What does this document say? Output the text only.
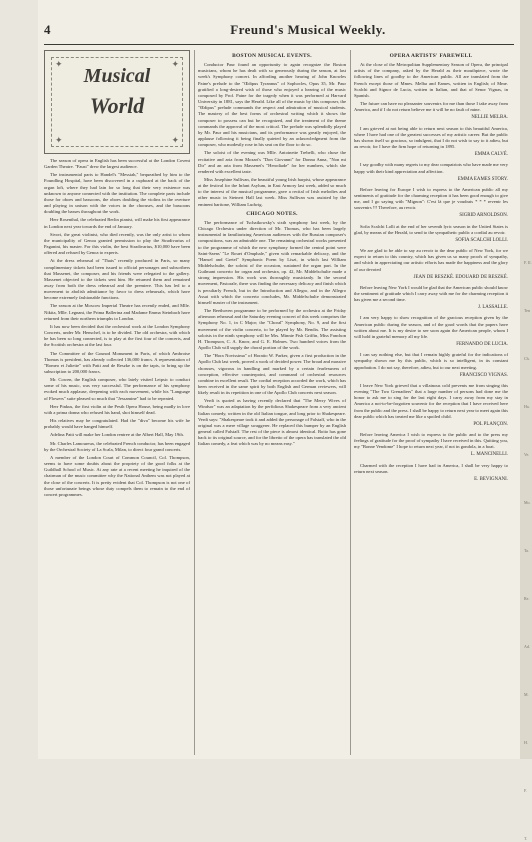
4	Freund's Musical Weekly.
✦	✦
✦	✦
Musical
World

The season of opera in English has been successful at the London Covent Garden Theatre. "Faust" drew the largest audience.

The instrumental parts to Handel's "Messiah," bequeathed by him to the Foundling Hospital, have been discovered in a cupboard at the back of the organ loft, where they had lain for so long that their very existence was unknown to anyone connected with the institution. The complete parts include those for oboes and bassoons, the oboes doubling the violins in the overture and playing in unison with the voices in the choruses, and the bassoons doubling the basses throughout the work.

Herr Rosenthal, the celebrated Berlin pianist, will make his first appearance in London next year towards the end of January.

Sivori, the great violinist, who died recently, was the only artist to whom the municipality of Genoa granted permission to play the Stradivarius of Paganini, his master. For this violin, the best Stradivarius, $10,000 have been offered and refused by Genoa to experts.

At the dress rehearsal of "Thais" recently produced in Paris, so many complimentary tickets had been issued to official personages and subscribers that Massenet, the composer, and his friends were relegated to the gallery. Massenet objected to the tickets sent him. He returned them and remained away from both the dress rehearsal and the premiere. This has led to a movement to abolish admittance by favor to dress rehearsals, which have become extremely fashionable functions.

The season at the Moscow Imperial Theatre has recently ended, and Mlle. Nikita, Mlle. Legnani, the Prima Ballerina and Madame Emma Steinbach have returned from their northern triumphs to London.

It has now been decided that the orchestral work at the London Symphony Concerts, under Mr. Henschel, is to be divided. The old orchestra, with which he has been so long connected, is to play at the first four of the concerts, and the Scottish orchestra at the last four.

The Committee of the Gounod Monument in Paris, of which Ambroise Thomas is president, has already collected 136,000 francs. A representation of "Romeo et Juliette" with Patti and de Reszke is on the tapis, to bring up the subscription to 200,000 francs.

Mr. Cowen, the English composer, who lately visited Leipsic to conduct some of his music, was very successful. The performance of his symphony evoked much applause, deepening with each movement, while his "Language of Flowers" suite pleased so much that "Jessamine" had to be repeated.

Herr Pinkus, the first violin at the Pesth Opera House, being madly in love with a prima donna who refused his hand, shot himself dead.

His relatives may be congratulated. Had the "diva" become his wife he probably would have hanged himself.

Adelina Patti will make her London rentree at the Albert Hall, May 19th.

Mr. Charles Lamoureux, the celebrated French conductor, has been engaged by the Orchestral Society of La Scala, Milan, to direct four grand concerts.

A member of the London Court of Common Council, Col. Thompson, seems to have some doubts about the propriety of the good folks at the Guildhall School of Music. At any rate at a recent meeting he inquired of the chairman of the music committee why the National Anthem was not played at the close of the concerts. It is pretty evident that Col. Thompson is not one of those unfortunate beings whose duty compels them to remain to the end of concert programmes.

BOSTON MUSICAL EVENTS.

Conductor Paur found an opportunity to again recognize the Boston musicians, whom he has dealt with so generously during the season, at last week's Symphony concert. In affording another hearing of John Knowles Paine's prelude to the "Œdipus Tyrannus" of Sophocles, Opus 35, Mr. Paur gratified a long-desired wish of those who enjoyed a hearing of the music composed by Prof. Paine for the tragedy when it was performed at Harvard University in 1881, says the Herald. Like all of the music by this composer, the "Œdipus" prelude commands the respect and admiration of musical students. The mastery of the best forms of orchestral writing which it shows the composer to possess can but be recognized, and the treatment of the theme commands the approval of the most critical. The prelude was splendidly played by Mr. Paur and his musicians, and its performance was greatly enjoyed, the applause following it being finally quieted by an acknowledgment from the composer, who modestly rose in his seat on the floor to do so.

The soloist of the evening was Mlle. Antoinette Trebelli, who chose the recitative and aria from Mozart's "Don Giovanni" for Donna Anna, "Non mi Dir" and an aria from Massenet's "Herodiade" for her numbers, which she rendered with excellent taste.

Miss Josephine Sullivan, the beautiful young Irish harpist, whose appearance at the festival for the Infant Asylum, in East Armory last week, added so much to the interest of the musical programme, gave a recital of Irish melodies and other music in Steinert Hall last week. Miss Sullivan was assisted by the eminent baritone, William Ludwig.

CHICAGO NOTES.

The performance of Tschaikowsky's sixth symphony last week, by the Chicago Orchestra under direction of Mr. Thomas, who has been largely instrumental in familiarizing American audiences with the Russian composer's compositions, was an admirable one. The remaining orchestral works presented to the programme of which the new symphony formed the central point were Saint-Saens' "Le Rouet d'Omphale," given with remarkable delicacy, and the "Hansel and Gretel" Symphonic Poem by Liszt, in which last William Middelschulte, the soloist of the occasion, sustained the organ part. In the Guilmant concerto for organ and orchestra, op. 42, Mr. Middelschulte made a strong impression. His work was thoroughly musicianly. In the second movement, Pastorale, there was finding the necessary delicacy and finish which is peculiarly French, but in the Introduction and Allegro, and in the Allegro Assai with which the concerto concludes, Mr. Middelschulte demonstrated himself master of the instrument.

The Beethoven programme to be performed by the orchestra at the Friday afternoon rehearsal and the Saturday evening concert of this week comprises the Symphony No. 1, in C Major; the "Choral" Symphony, No. 9, and the first movement of the violin concerto, to be played by Mr. Bendix. The assisting soloists in the ninth symphony will be Mrs. Minnie Fish Griffin, Miss Fanchon H. Thompson, C. A. Knorr, and G. E. Holmes. Two hundred voices from the Apollo Club will supply the choral portion of the work.

The "Hora Novissima" of Horatio W. Parker, given a first production in the Apollo Club last week, proved a work of decided power. The broad and massive choruses, vigorous in handling and marked by a certain fearlessness of conception, effective counterpoint, and command of orchestral resources combine in excellent result. The cordial reception accorded the work, which has been received in the same spirit by both English and German reviewers, will likely result in its repetition in one of the Apollo Club concerts next season.

Verdi is quoted as having recently declared that "The Merry Wives of Windsor" was an adaptation by the perfidious Shakespeare from a very ancient Italian comedy, written in the old Italian tongue, and long prior to Shakespeare. Verdi says: "Shakespeare took it and added the personage of Falstaff, who in the original was a mere village swaggerer. He replaced this bumper by an English general called Falstaff. The rest of the piece is almost identical. Boito has gone back to its original source, and for the libretto of the opera has translated the old Italian comedy, a feat which was by no means easy."

OPERA ARTISTS' FAREWELL

At the close of the Metropolitan Supplementary Season of Opera, the principal artists of the company, asked by the Herald as their mouthpiece, wrote the following lines of goodby to the American public. All are translated from the French except those of Mmes. Melba and Eames, written in English; of Mme. Scalchi and Signor de Lucia, written in Italian, and that of Senor Vignas, in Spanish.

The future can have no pleasanter souvenirs for me than those I take away from America, and if I do not return believe me it will be no fault of mine.

NELLIE MELBA.

I am grieved at not being able to return next season to this beautiful America, where I have had one of the greatest successes of my artistic career. But the public has shown itself so gracious, so indulgent, that I do not wish to say to it adieu, but au revoir, for I have the firm hope of returning in 1895.

EMMA CALVÉ.

I say goodby with many regrets to my dear compatriots who have made me very happy with their kind appreciation and affection.

EMMA EAMES STORY.

Before leaving for Europe I wish to express to the American public all my sentiments of gratitude for the charming reception it has been good enough to give me, and I go saying with "Mignon": C'est là que je voudrais * * * revenir les souvenirs !!! Therefore, au revoir.

SIGRID ARNOLDSON.

Sofia Scalchi Lolli at the end of her seventh lyric season in the United States is glad, by means of the Herald, to send to the sympathetic public a cordial au revoir.

SOFIA SCALCHI LOLLI.

We are glad to be able to say au revoir to the dear public of New York, for we expect to return to this country, which has given us so many proofs of sympathy, and which in appreciating our artistic efforts has made the happiness and the glory of our devoted

JEAN DE RESZKÉ. EDOUARD DE RESZKÉ.

Before leaving New York I would be glad that the American public should know the sentiment of gratitude which I carry away with me for the charming reception it has given me a second time.

J. LASSALLE.

I am very happy to show recognition of the gracious reception given by the American public during the season, and of the good words that the papers have written about me. It is my desire to see soon again the American people, whom I will hold in grateful memory all my life.

FERNANDO DE LUCIA.

I can say nothing else, but that I remain highly grateful for the indications of sympathy shown me by this public, which is so intelligent, in its constant approbation. I do not say, therefore, adieu, but to our next meeting.

FRANCISCO VIGNAS.

I leave New York grieved that a villainous cold prevents me from singing this evening "The Two Grenadiers" that a large number of persons had done me the honor to ask me to sing for the last eight days. I carry away from my stay in America a not-to-be-forgotten souvenir for the reception that I have received here from the public and the press. I shall be happy to return next year to meet again this dear public which has treated me like a spoiled child.

POL PLANÇON.

Before leaving America I wish to express to the public and to the press my feelings of gratitude for the proof of sympathy I have received in this. Quitting you, my "Bonne Vendome" I hope to return next year, if not in gondola, in a boat.

L. MANCINELLI.

Charmed with the reception I have had in America, I shall be very happy to return next season.

E. BEVIGNANI.
F. II.
Ten
Ch.
Ha.
Ve.
Mo.
Ta.
Re.
Ad.
M.
H.
F.
T.
